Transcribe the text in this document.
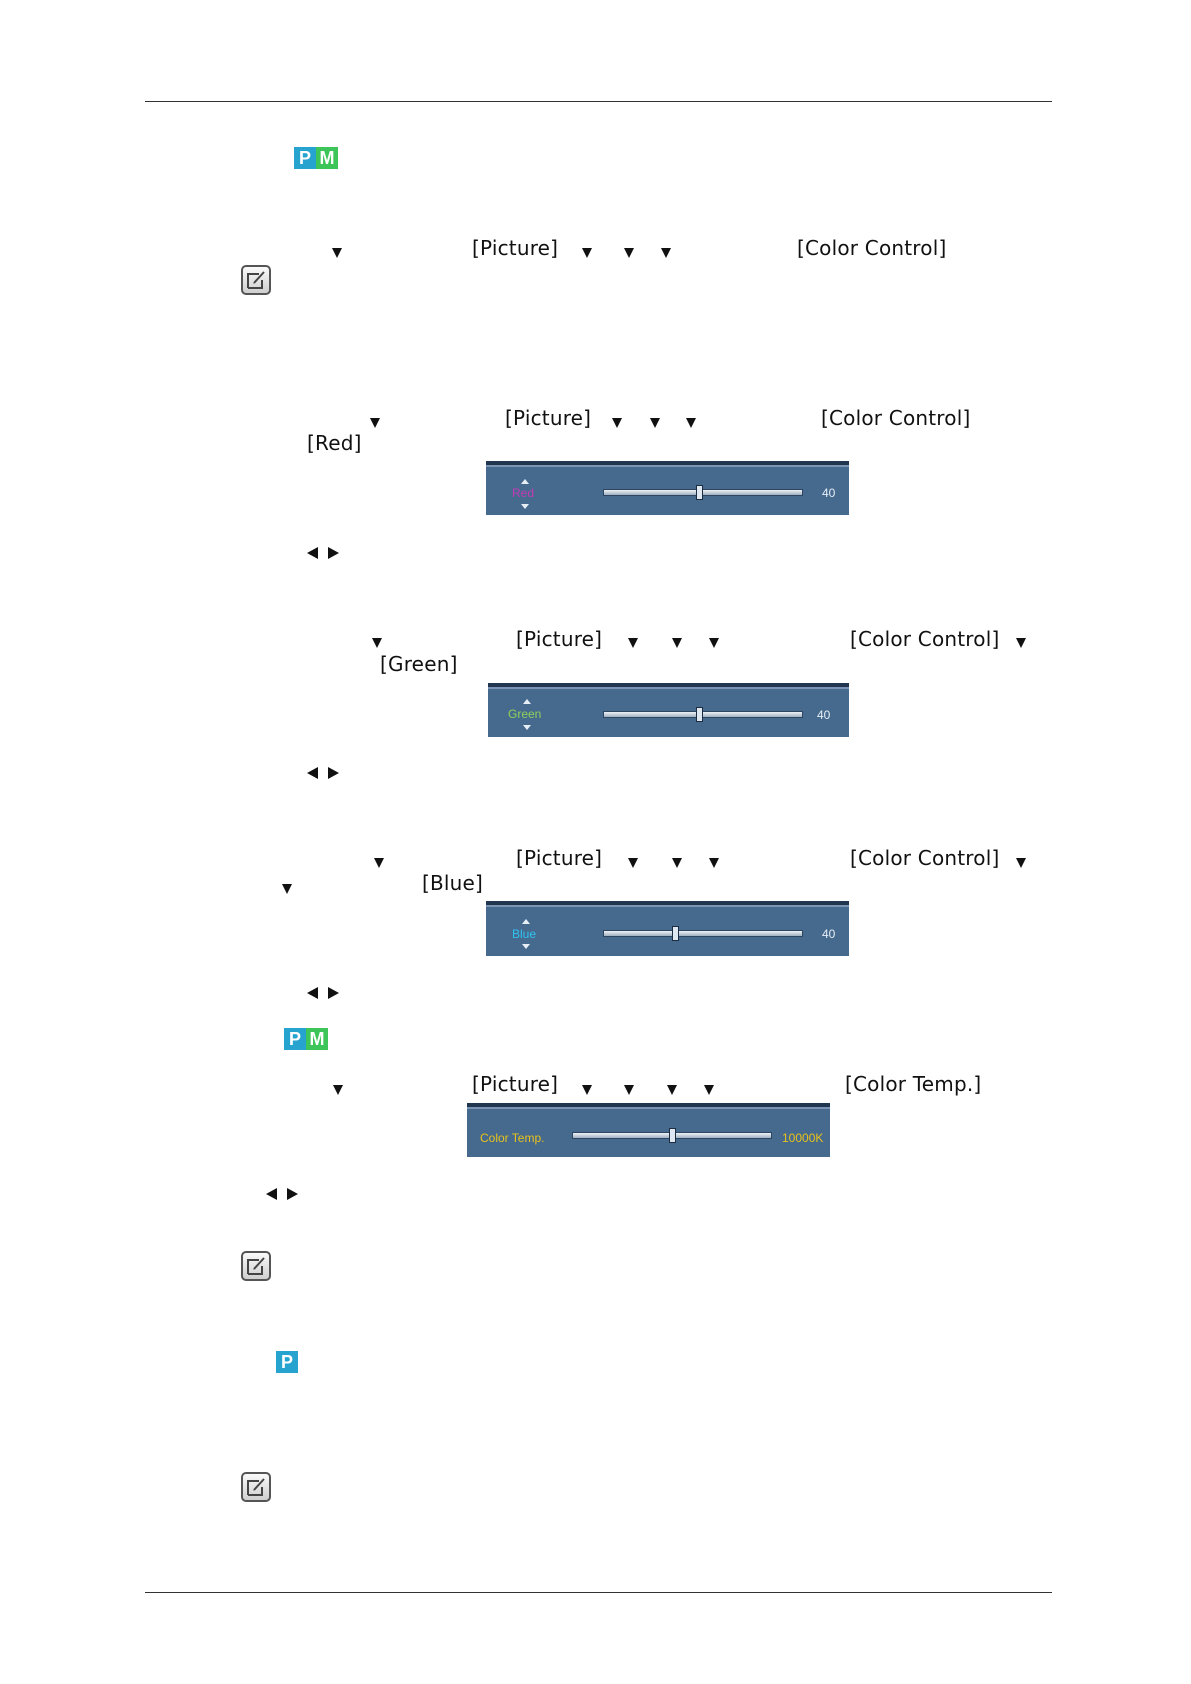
P M
[Picture]	[Color Control]
[Picture]	[Color Control]
[Red]
Red	40
[Picture]	[Color Control]
[Green]
Green	40
[Picture]	[Color Control]
[Blue]
Blue	40
P M
[Picture]	[Color Temp.]
Color Temp.	10000K
P
